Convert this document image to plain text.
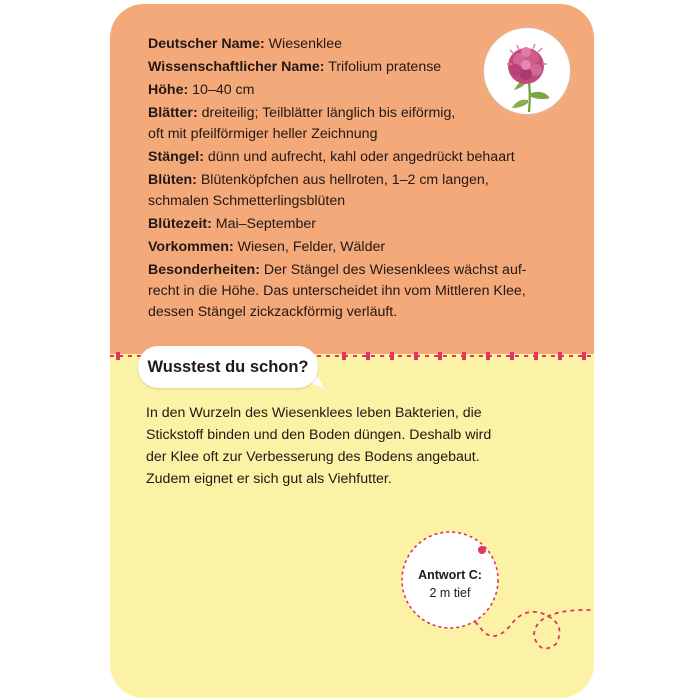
Deutscher Name: Wiesenklee
Wissenschaftlicher Name: Trifolium pratense
Höhe: 10–40 cm
Blätter: dreiteilig; Teilblätter länglich bis eiförmig,
oft mit pfeilförmiger heller Zeichnung
Stängel: dünn und aufrecht, kahl oder angedrückt behaart
Blüten: Blütenköpfchen aus hellroten, 1–2 cm langen,
schmalen Schmetterlingsblüten
Blütezeit: Mai–September
Vorkommen: Wiesen, Felder, Wälder
Besonderheiten: Der Stängel des Wiesenklees wächst auf-
recht in die Höhe. Das unterscheidet ihn vom Mittleren Klee,
dessen Stängel zickzackförmig verläuft.
Wusstest du schon?
In den Wurzeln des Wiesenklees leben Bakterien, die
Stickstoff binden und den Boden düngen. Deshalb wird
der Klee oft zur Verbesserung des Bodens angebaut.
Zudem eignet er sich gut als Viehfutter.
Antwort C:
2 m tief
